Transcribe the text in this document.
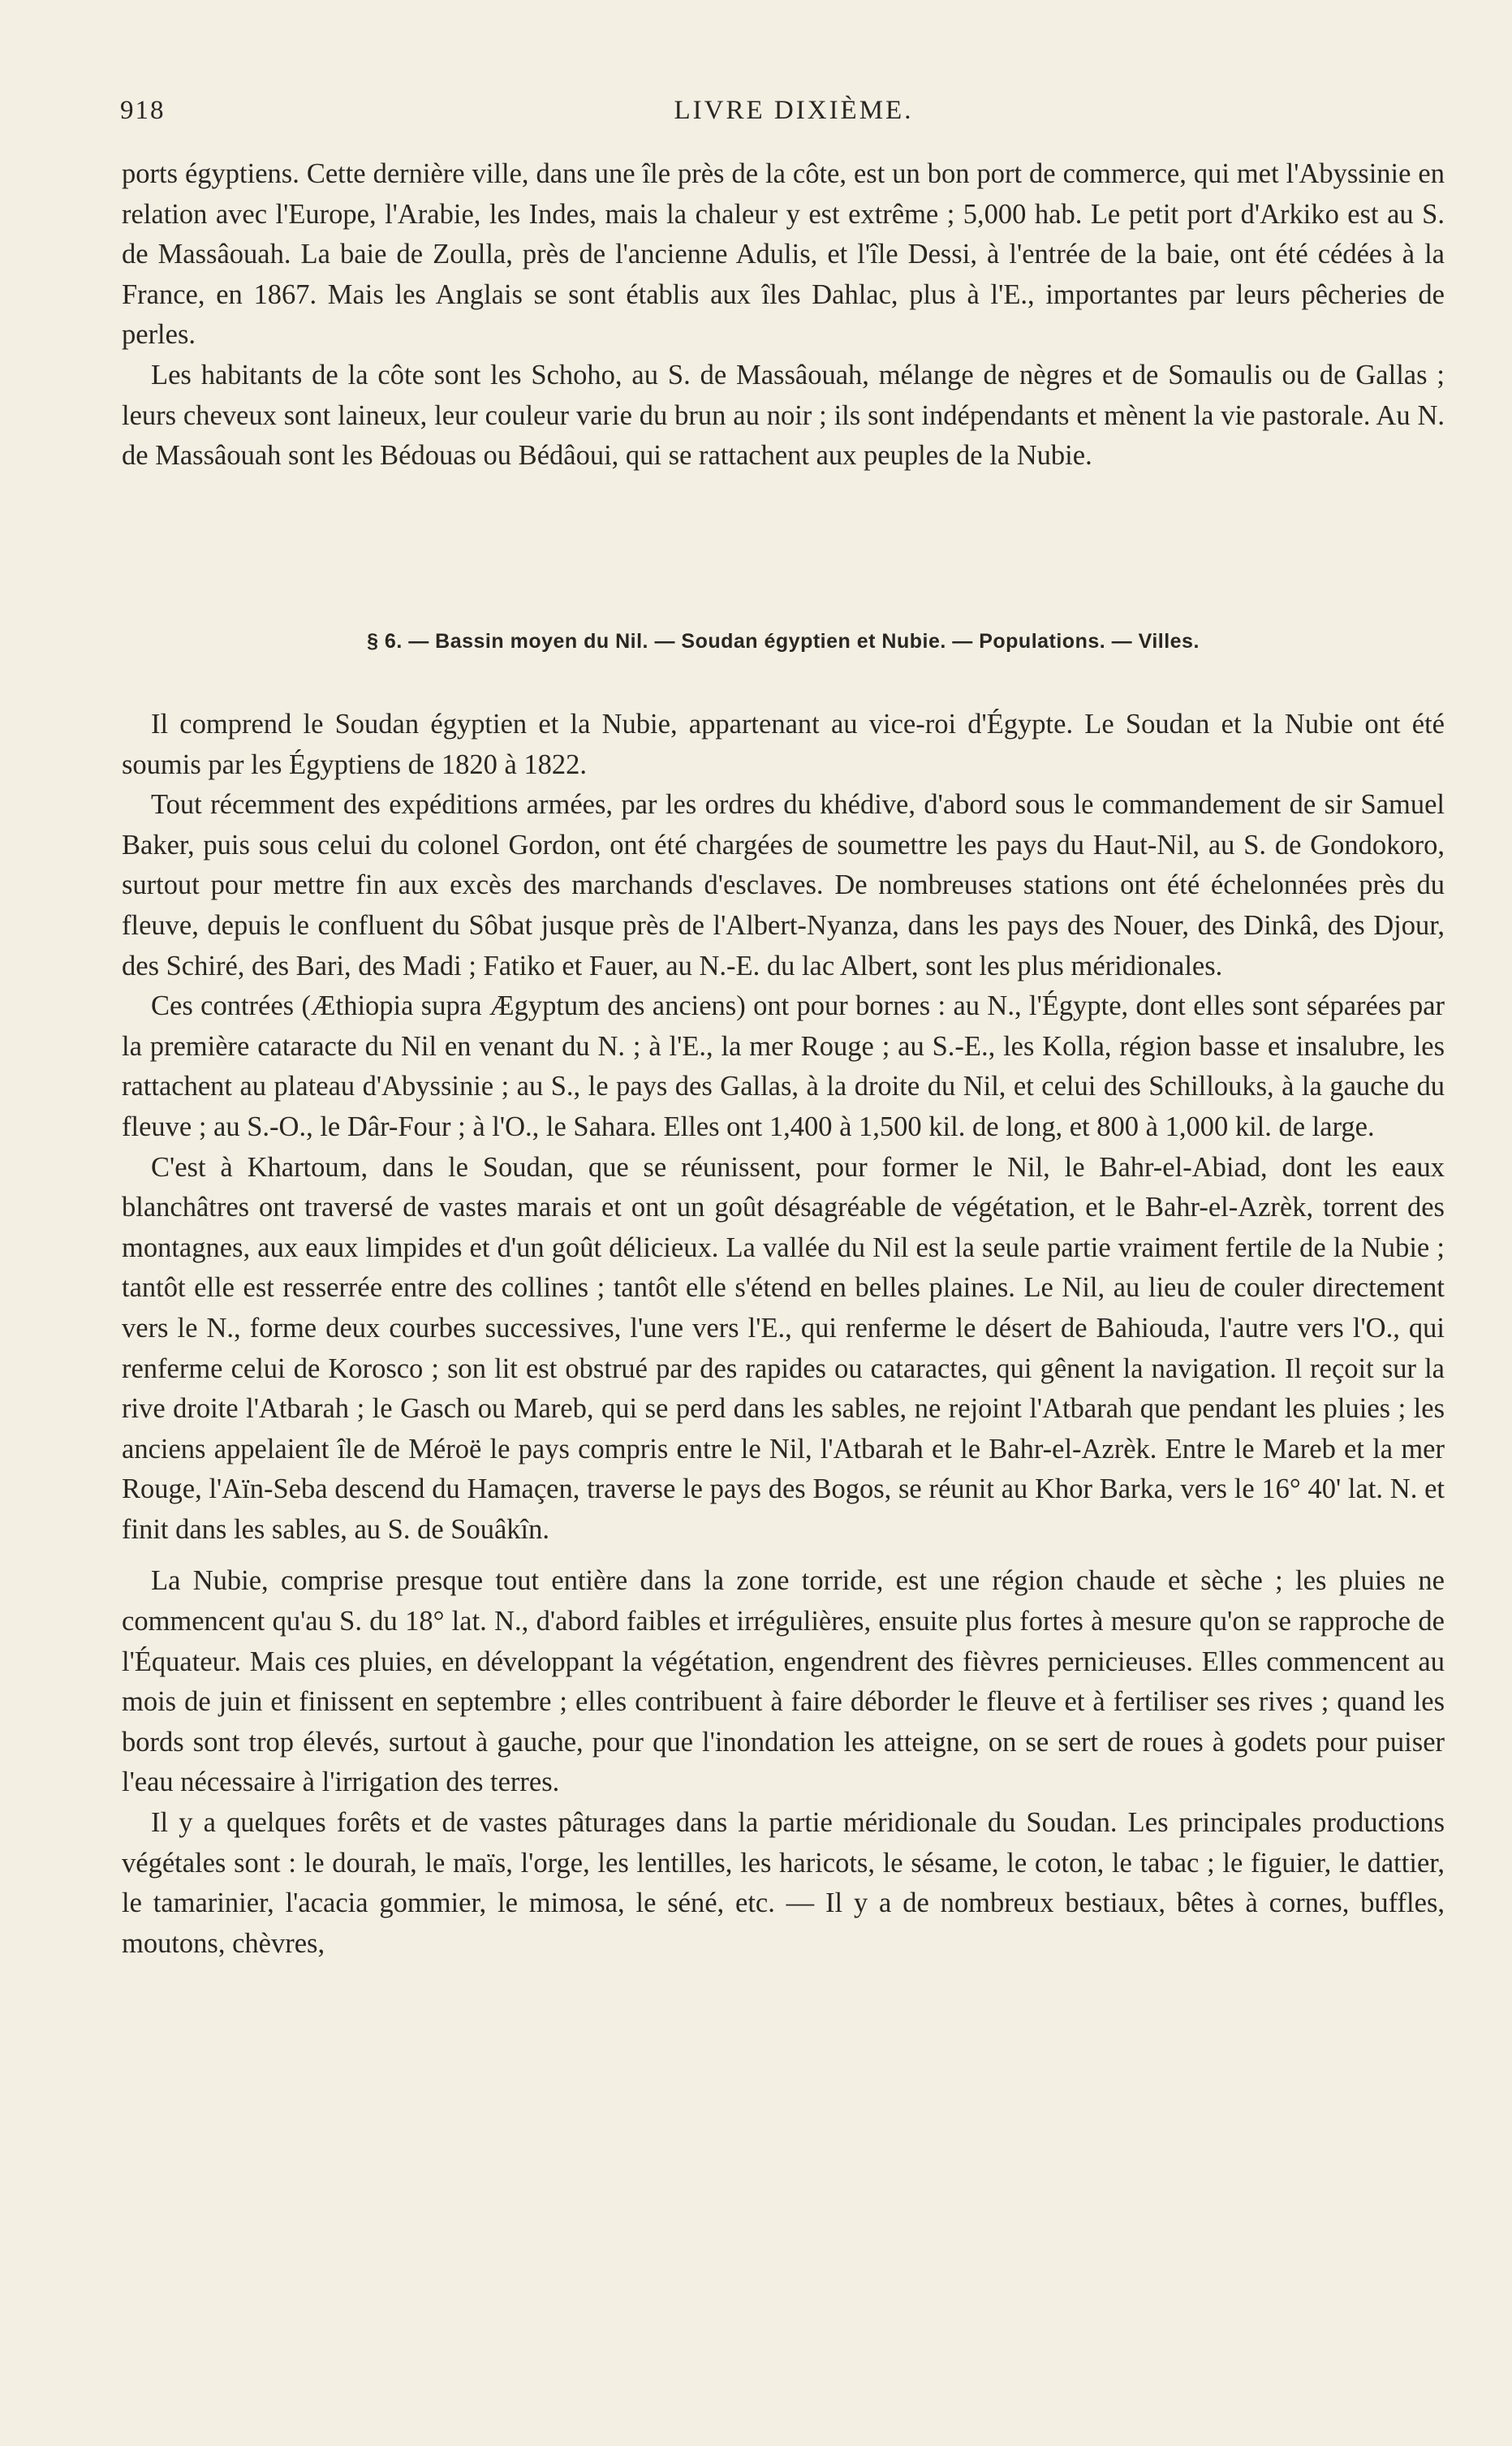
918	LIVRE DIXIÈME.

ports égyptiens. Cette dernière ville, dans une île près de la côte, est un bon port de commerce, qui met l'Abyssinie en relation avec l'Europe, l'Arabie, les Indes, mais la chaleur y est extrême ; 5,000 hab. Le petit port d'Arkiko est au S. de Massâouah. La baie de Zoulla, près de l'ancienne Adulis, et l'île Dessi, à l'entrée de la baie, ont été cédées à la France, en 1867. Mais les Anglais se sont établis aux îles Dahlac, plus à l'E., importantes par leurs pêcheries de perles.

Les habitants de la côte sont les Schoho, au S. de Massâouah, mélange de nègres et de Somaulis ou de Gallas ; leurs cheveux sont laineux, leur couleur varie du brun au noir ; ils sont indépendants et mènent la vie pastorale. Au N. de Massâouah sont les Bédouas ou Bédâoui, qui se rattachent aux peuples de la Nubie.

§ 6. — Bassin moyen du Nil. — Soudan égyptien et Nubie. — Populations. — Villes.

Il comprend le Soudan égyptien et la Nubie, appartenant au vice-roi d'Égypte. Le Soudan et la Nubie ont été soumis par les Égyptiens de 1820 à 1822.

Tout récemment des expéditions armées, par les ordres du khédive, d'abord sous le commandement de sir Samuel Baker, puis sous celui du colonel Gordon, ont été chargées de soumettre les pays du Haut-Nil, au S. de Gondokoro, surtout pour mettre fin aux excès des marchands d'esclaves. De nombreuses stations ont été échelonnées près du fleuve, depuis le confluent du Sôbat jusque près de l'Albert-Nyanza, dans les pays des Nouer, des Dinkâ, des Djour, des Schiré, des Bari, des Madi ; Fatiko et Fauer, au N.-E. du lac Albert, sont les plus méridionales.

Ces contrées (Æthiopia supra Ægyptum des anciens) ont pour bornes : au N., l'Égypte, dont elles sont séparées par la première cataracte du Nil en venant du N. ; à l'E., la mer Rouge ; au S.-E., les Kolla, région basse et insalubre, les rattachent au plateau d'Abyssinie ; au S., le pays des Gallas, à la droite du Nil, et celui des Schillouks, à la gauche du fleuve ; au S.-O., le Dâr-Four ; à l'O., le Sahara. Elles ont 1,400 à 1,500 kil. de long, et 800 à 1,000 kil. de large.

C'est à Khartoum, dans le Soudan, que se réunissent, pour former le Nil, le Bahr-el-Abiad, dont les eaux blanchâtres ont traversé de vastes marais et ont un goût désagréable de végétation, et le Bahr-el-Azrèk, torrent des montagnes, aux eaux limpides et d'un goût délicieux. La vallée du Nil est la seule partie vraiment fertile de la Nubie ; tantôt elle est resserrée entre des collines ; tantôt elle s'étend en belles plaines. Le Nil, au lieu de couler directement vers le N., forme deux courbes successives, l'une vers l'E., qui renferme le désert de Bahiouda, l'autre vers l'O., qui renferme celui de Korosco ; son lit est obstrué par des rapides ou cataractes, qui gênent la navigation. Il reçoit sur la rive droite l'Atbarah ; le Gasch ou Mareb, qui se perd dans les sables, ne rejoint l'Atbarah que pendant les pluies ; les anciens appelaient île de Méroë le pays compris entre le Nil, l'Atbarah et le Bahr-el-Azrèk. Entre le Mareb et la mer Rouge, l'Aïn-Seba descend du Hamaçen, traverse le pays des Bogos, se réunit au Khor Barka, vers le 16° 40' lat. N. et finit dans les sables, au S. de Souâkîn.

La Nubie, comprise presque tout entière dans la zone torride, est une région chaude et sèche ; les pluies ne commencent qu'au S. du 18° lat. N., d'abord faibles et irrégulières, ensuite plus fortes à mesure qu'on se rapproche de l'Équateur. Mais ces pluies, en développant la végétation, engendrent des fièvres pernicieuses. Elles commencent au mois de juin et finissent en septembre ; elles contribuent à faire déborder le fleuve et à fertiliser ses rives ; quand les bords sont trop élevés, surtout à gauche, pour que l'inondation les atteigne, on se sert de roues à godets pour puiser l'eau nécessaire à l'irrigation des terres.

Il y a quelques forêts et de vastes pâturages dans la partie méridionale du Soudan. Les principales productions végétales sont : le dourah, le maïs, l'orge, les lentilles, les haricots, le sésame, le coton, le tabac ; le figuier, le dattier, le tamarinier, l'acacia gommier, le mimosa, le séné, etc. — Il y a de nombreux bestiaux, bêtes à cornes, buffles, moutons, chèvres,
